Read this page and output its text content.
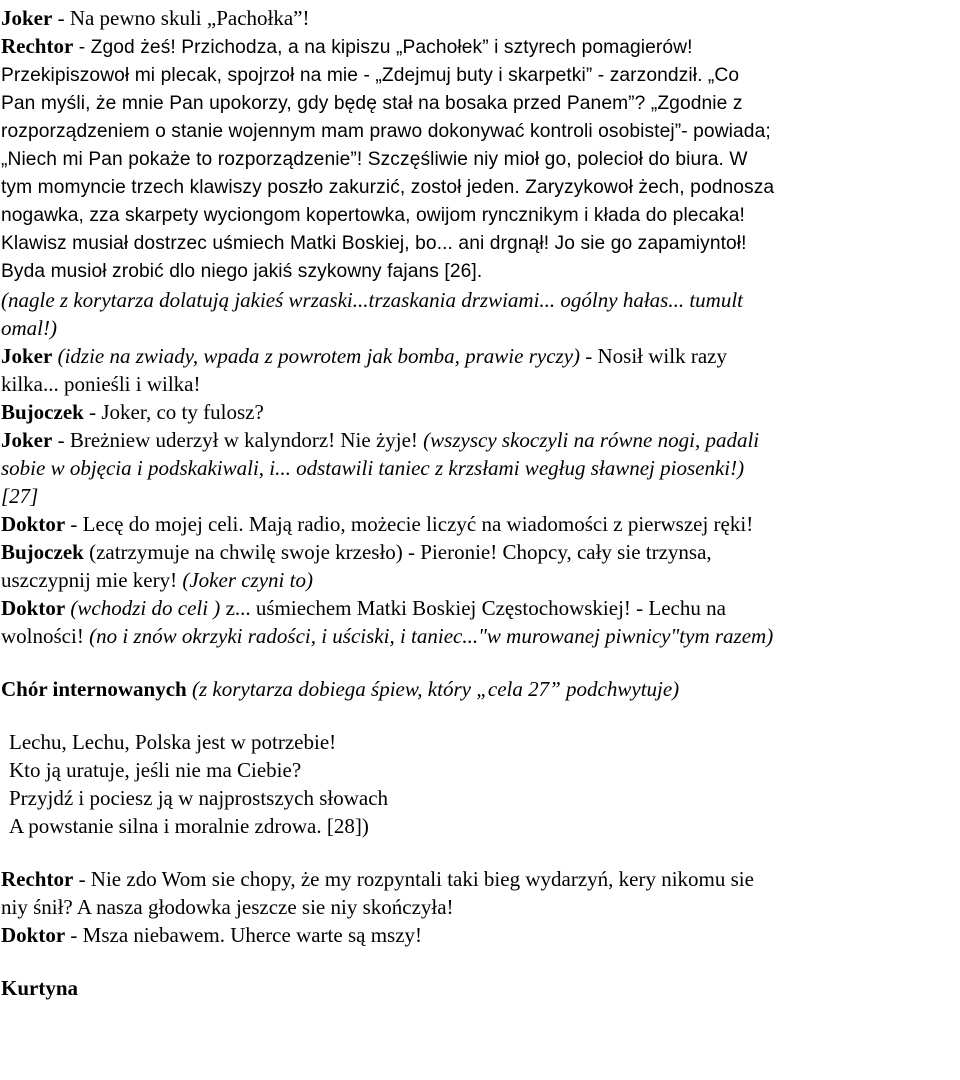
Joker - Na pewno skuli „Pachołka”!
Rechtor - Zgod żeś! Przichodza, a na kipiszu „Pachołek” i sztyrech pomagierów!
Przekipiszowoł mi plecak, spojrzoł na mie - „Zdejmuj buty i skarpetki” - zarzondził. „Co
Pan myśli, że mnie Pan upokorzy, gdy będę stał na bosaka przed Panem”? „Zgodnie z
rozporządzeniem o stanie wojennym mam prawo dokonywać kontroli osobistej”- powiada;
„Niech mi Pan pokaże to rozporządzenie”! Szczęśliwie niy mioł go, polecioł do biura. W
tym momyncie trzech klawiszy poszło zakurzić, zostoł jeden. Zaryzykowoł żech, podnosza
nogawka, zza skarpety wyciongom kopertowka, owijom ryncznikym i kłada do plecaka!
Klawisz musiał dostrzec uśmiech Matki Boskiej, bo... ani drgnął! Jo sie go zapamiyntoł!
Byda musioł zrobić dlo niego jakiś szykowny fajans [26].
(nagle z korytarza dolatują jakieś wrzaski...trzaskania drzwiami... ogólny hałas... tumult
omal!)
Joker (idzie na zwiady, wpada z powrotem jak bomba, prawie ryczy) - Nosił wilk razy
kilka... ponieśli i wilka!
Bujoczek - Joker, co ty fulosz?
Joker - Breżniew uderzył w kalyndorz! Nie żyje! (wszyscy skoczyli na równe nogi, padali
sobie w objęcia i podskakiwali, i... odstawili taniec z krzsłami wegług sławnej piosenki!)
[27]
Doktor - Lecę do mojej celi. Mają radio, możecie liczyć na wiadomości z pierwszej ręki!
Bujoczek (zatrzymuje na chwilę swoje krzesło) - Pieronie! Chopcy, cały sie trzynsa,
uszczypnij mie kery! (Joker czyni to)
Doktor (wchodzi do celi ) z... uśmiechem Matki Boskiej Częstochowskiej! - Lechu na
wolności! (no i znów okrzyki radości, i uściski, i taniec..."w murowanej piwnicy"tym razem)
Chór internowanych (z korytarza dobiega śpiew, który „cela 27” podchwytuje)
Lechu, Lechu, Polska jest w potrzebie!
Kto ją uratuje, jeśli nie ma Ciebie?
Przyjdź i pociesz ją w najprostszych słowach
A powstanie silna i moralnie zdrowa. [28])
Rechtor - Nie zdo Wom sie chopy, że my rozpyntali taki bieg wydarzyń, kery nikomu sie
niy śnił? A nasza głodowka jeszcze sie niy skończyła!
Doktor - Msza niebawem. Uherce warte są mszy!
Kurtyna
